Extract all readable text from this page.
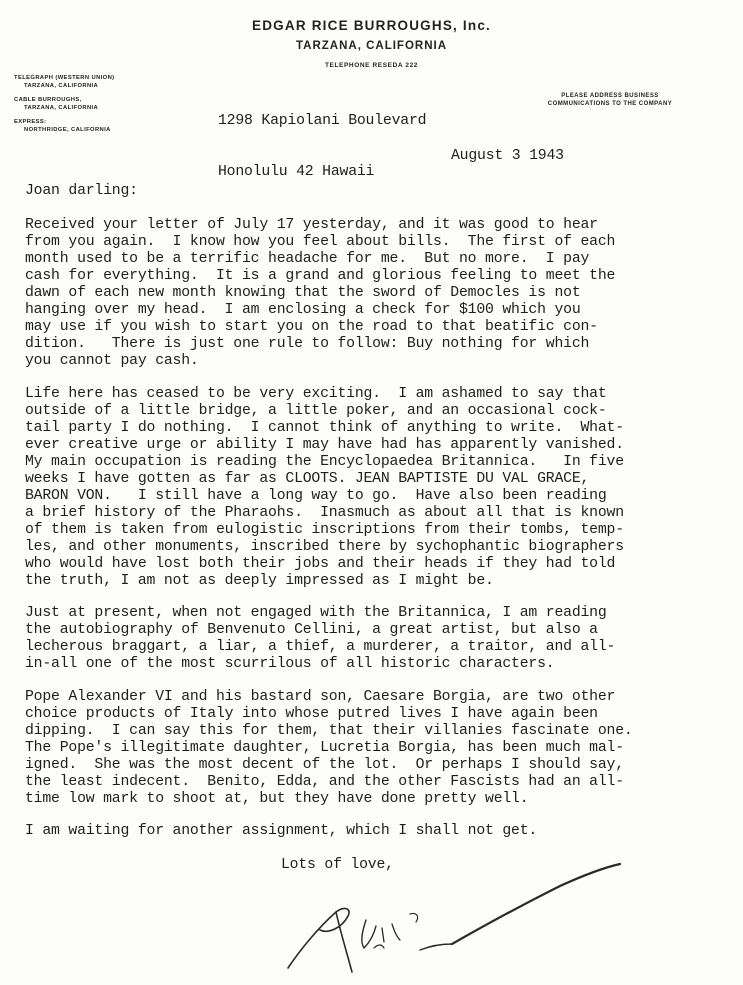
EDGAR RICE BURROUGHS, Inc.
TARZANA, CALIFORNIA
TELEPHONE RESEDA 222
TELEGRAPH (WESTERN UNION)
TARZANA, CALIFORNIA
CABLE BURROUGHS,
TARZANA, CALIFORNIA
EXPRESS:
NORTHRIDGE, CALIFORNIA
PLEASE ADDRESS BUSINESS
COMMUNICATIONS TO THE COMPANY

1298 Kapiolani Boulevard

Honolulu 42 Hawaii

August 3 1943
Joan darling:
Received your letter of July 17 yesterday, and it was good to hear
from you again.  I know how you feel about bills.  The first of each
month used to be a terrific headache for me.  But no more.  I pay
cash for everything.  It is a grand and glorious feeling to meet the
dawn of each new month knowing that the sword of Democles is not
hanging over my head.  I am enclosing a check for $100 which you
may use if you wish to start you on the road to that beatific con-
dition.   There is just one rule to follow: Buy nothing for which
you cannot pay cash.
Life here has ceased to be very exciting.  I am ashamed to say that
outside of a little bridge, a little poker, and an occasional cock-
tail party I do nothing.  I cannot think of anything to write.  What-
ever creative urge or ability I may have had has apparently vanished.
My main occupation is reading the Encyclopaedea Britannica.   In five
weeks I have gotten as far as CLOOTS. JEAN BAPTISTE DU VAL GRACE,
BARON VON.   I still have a long way to go.  Have also been reading
a brief history of the Pharaohs.  Inasmuch as about all that is known
of them is taken from eulogistic inscriptions from their tombs, temp-
les, and other monuments, inscribed there by sychophantic biographers
who would have lost both their jobs and their heads if they had told
the truth, I am not as deeply impressed as I might be.
Just at present, when not engaged with the Britannica, I am reading
the autobiography of Benvenuto Cellini, a great artist, but also a
lecherous braggart, a liar, a thief, a murderer, a traitor, and all-
in-all one of the most scurrilous of all historic characters.
Pope Alexander VI and his bastard son, Caesare Borgia, are two other
choice products of Italy into whose putred lives I have again been
dipping.  I can say this for them, that their villanies fascinate one.
The Pope's illegitimate daughter, Lucretia Borgia, has been much mal-
igned.  She was the most decent of the lot.  Or perhaps I should say,
the least indecent.  Benito, Edda, and the other Fascists had an all-
time low mark to shoot at, but they have done pretty well.
I am waiting for another assignment, which I shall not get.
Lots of love,
